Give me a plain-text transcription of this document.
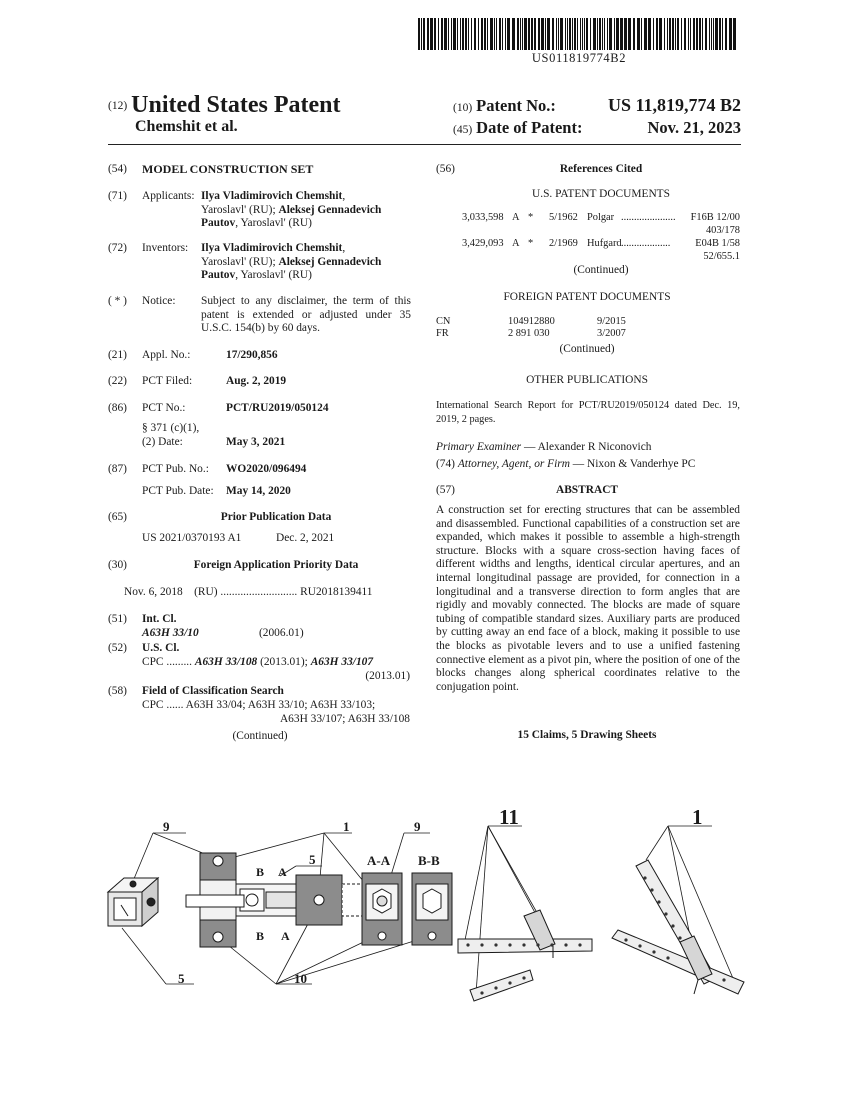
US011819774B2
(12) United States Patent
Chemshit et al.
(10) Patent No.:	US 11,819,774 B2
(45) Date of Patent:	Nov. 21, 2023
(54) MODEL CONSTRUCTION SET
(71) Applicants: Ilya Vladimirovich Chemshit,
Yaroslavl' (RU); Aleksej Gennadevich
Pautov, Yaroslavl' (RU)
(72) Inventors: Ilya Vladimirovich Chemshit,
Yaroslavl' (RU); Aleksej Gennadevich
Pautov, Yaroslavl' (RU)
( * ) Notice: Subject to any disclaimer, the term of this patent is extended or adjusted under 35 U.S.C. 154(b) by 60 days.
(21) Appl. No.:	17/290,856
(22) PCT Filed:	Aug. 2, 2019
(86) PCT No.:	PCT/RU2019/050124
§ 371 (c)(1),
(2) Date:	May 3, 2021
(87) PCT Pub. No.: WO2020/096494
PCT Pub. Date: May 14, 2020
(65)	Prior Publication Data
US 2021/0370193 A1	Dec. 2, 2021
(30)	Foreign Application Priority Data
Nov. 6, 2018    (RU) ........................... RU2018139411
(51) Int. Cl.
A63H 33/10	(2006.01)
(52) U.S. Cl.
CPC ......... A63H 33/108 (2013.01); A63H 33/107
(2013.01)
(58) Field of Classification Search
CPC ...... A63H 33/04; A63H 33/10; A63H 33/103;
A63H 33/107; A63H 33/108
(Continued)
(56)	References Cited
U.S. PATENT DOCUMENTS
3,033,598 A * 5/1962 Polgar .....................	F16B 12/00
403/178
3,429,093 A * 2/1969 Hufgard ...................	E04B 1/58
52/655.1
(Continued)
FOREIGN PATENT DOCUMENTS
CN	104912880	9/2015
FR	2 891 030	3/2007
(Continued)
OTHER PUBLICATIONS
International Search Report for PCT/RU2019/050124 dated Dec. 19, 2019, 2 pages.
Primary Examiner — Alexander R Niconovich
(74) Attorney, Agent, or Firm — Nixon & Vanderhye PC
(57)	ABSTRACT
A construction set for erecting structures that can be assembled and disassembled. Functional capabilities of a construction set are expanded, which makes it possible to assemble a high-strength structure. Blocks with a square cross-section having faces of different widths and lengths, identical circular apertures, and an internal longitudinal passage are provided, for connection in a longitudinal and a transverse direction to form angles that are rigidly and movably connected. The blocks are made of square tubing of compatible standard sizes. Auxiliary parts are produced by cutting away an end face of a block, making it possible to use the blocks as pivotable levers and to use a unified fastening connective element as a pivot pin, where the position of one of the blocks changes along spherical coordinates relative to the conjugation point.
15 Claims, 5 Drawing Sheets
9	1	9
5
B A
B A
A-A B-B
5	10
11	1
